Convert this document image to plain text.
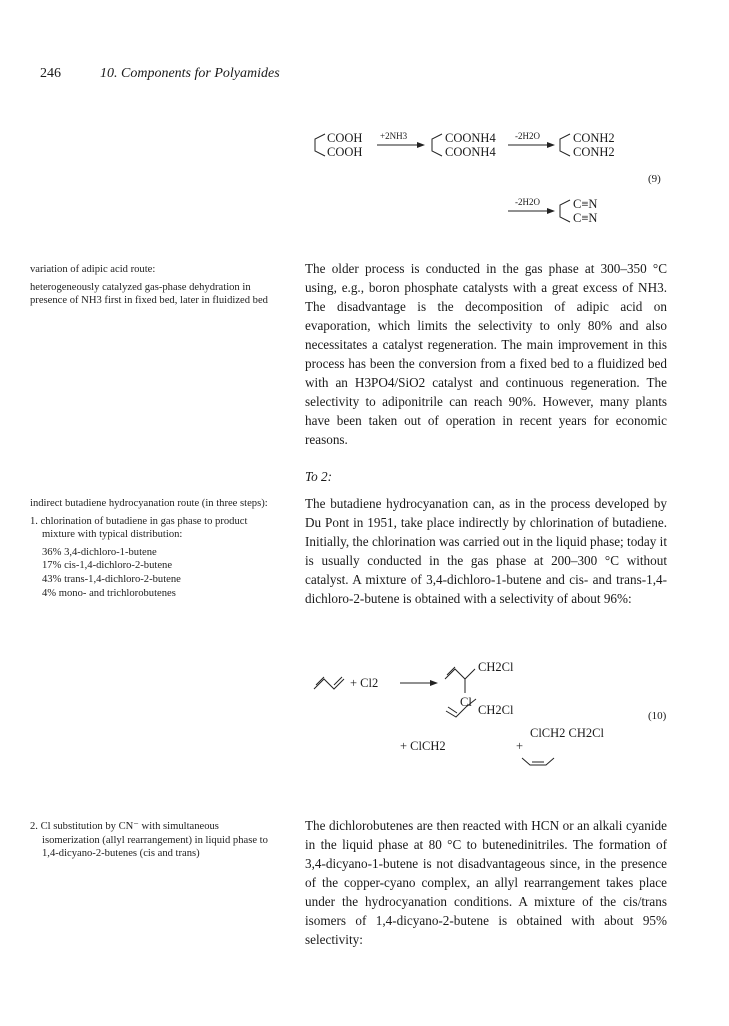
246	10. Components for Polyamides
COOH
COOH
COONH4
COONH4
CONH2
CONH2
C≡N
C≡N
+2NH3	-2H2O
-2H2O
(9)

variation of adipic acid route:

heterogeneously catalyzed gas-phase dehydration in presence of NH3 first in fixed bed, later in fluidized bed

The older process is conducted in the gas phase at 300–350 °C using, e.g., boron phosphate catalysts with a great excess of NH3. The disadvantage is the decomposition of adipic acid on evaporation, which limits the selectivity to only 80% and also necessitates a catalyst regeneration. The main improvement in this process has been the conversion from a fixed bed to a fluidized bed with an H3PO4/SiO2 catalyst and continuous regeneration. The selectivity to adiponitrile can reach 90%. However, many plants have been taken out of operation in recent years for economic reasons.

To 2:

indirect butadiene hydrocyanation route (in three steps):

1. chlorination of butadiene in gas phase to product mixture with typical distribution:

36% 3,4-dichloro-1-butene
17% cis-1,4-dichloro-2-butene
43% trans-1,4-dichloro-2-butene
4% mono- and trichlorobutenes

The butadiene hydrocyanation can, as in the process developed by Du Pont in 1951, take place indirectly by chlorination of butadiene. Initially, the chlorination was carried out in the liquid phase; today it is usually conducted in the gas phase at 200–300 °C without catalyst. A mixture of 3,4-dichloro-1-butene and cis- and trans-1,4-dichloro-2-butene is obtained with a selectivity of about 96%:

+ Cl2
CH2Cl
Cl
CH2Cl
+ ClCH2	+
ClCH2 CH2Cl
(10)

2. Cl substitution by CN⁻ with simultaneous isomerization (allyl rearrangement) in liquid phase to 1,4-dicyano-2-butenes (cis and trans)

The dichlorobutenes are then reacted with HCN or an alkali cyanide in the liquid phase at 80 °C to butenedinitriles. The formation of 3,4-dicyano-1-butene is not disadvantageous since, in the presence of the copper-cyano complex, an allyl rearrangement takes place under the hydrocyanation conditions. A mixture of the cis/trans isomers of 1,4-dicyano-2-butene is obtained with about 95% selectivity:
